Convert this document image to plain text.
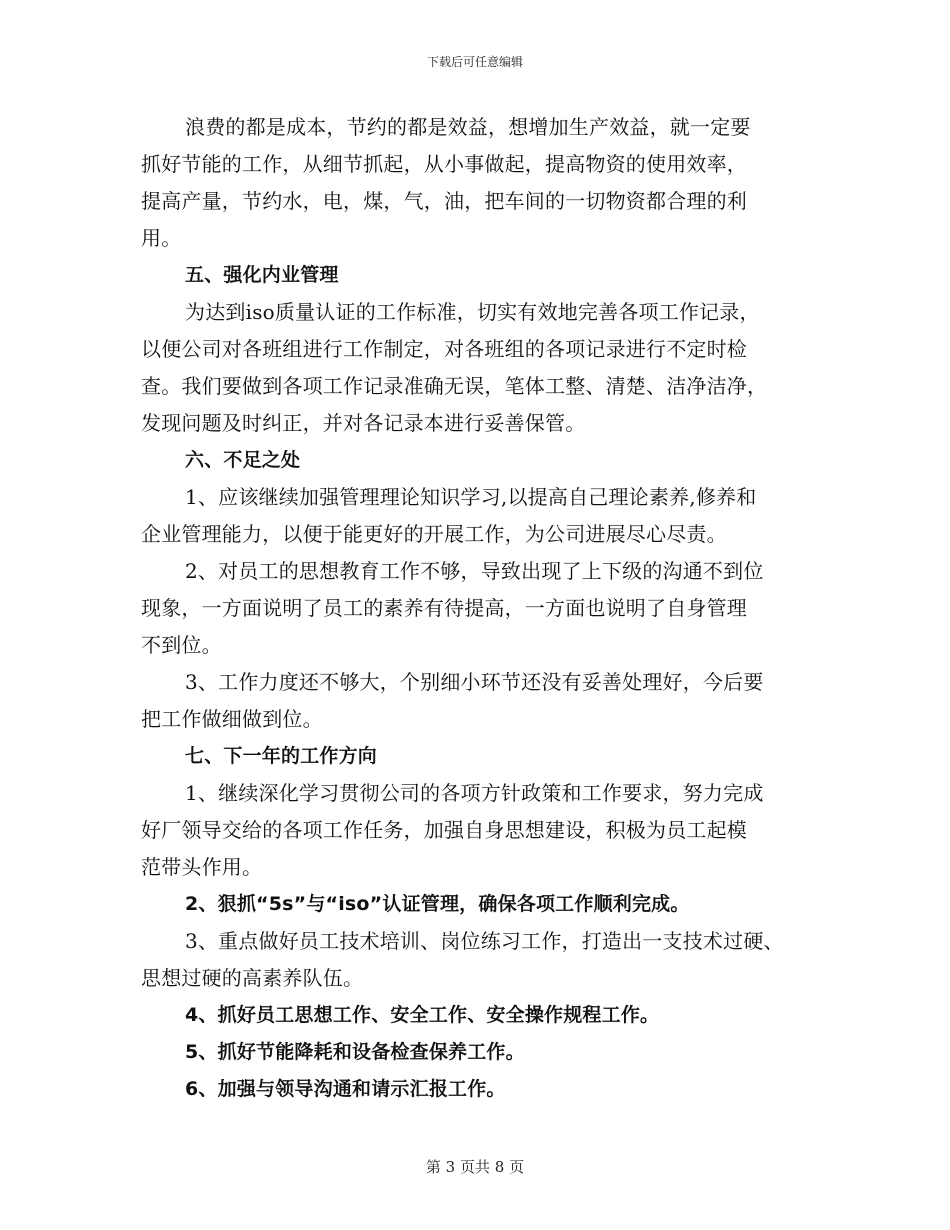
下载后可任意编辑
浪费的都是成本，节约的都是效益，想增加生产效益，就一定要
抓好节能的工作，从细节抓起，从小事做起，提高物资的使用效率，
提高产量，节约水，电，煤，气，油，把车间的一切物资都合理的利
用。
五、强化内业管理
为达到iso质量认证的工作标准，切实有效地完善各项工作记录，
以便公司对各班组进行工作制定，对各班组的各项记录进行不定时检
查。我们要做到各项工作记录准确无误，笔体工整、清楚、洁净洁净，
发现问题及时纠正，并对各记录本进行妥善保管。
六、不足之处
1、应该继续加强管理理论知识学习,以提高自己理论素养,修养和
企业管理能力，以便于能更好的开展工作，为公司进展尽心尽责。
2、对员工的思想教育工作不够，导致出现了上下级的沟通不到位
现象，一方面说明了员工的素养有待提高，一方面也说明了自身管理
不到位。
3、工作力度还不够大，个别细小环节还没有妥善处理好，今后要
把工作做细做到位。
七、下一年的工作方向
1、继续深化学习贯彻公司的各项方针政策和工作要求，努力完成
好厂领导交给的各项工作任务，加强自身思想建设，积极为员工起模
范带头作用。
2、狠抓“5s”与“iso”认证管理，确保各项工作顺利完成。
3、重点做好员工技术培训、岗位练习工作，打造出一支技术过硬、
思想过硬的高素养队伍。
4、抓好员工思想工作、安全工作、安全操作规程工作。
5、抓好节能降耗和设备检查保养工作。
6、加强与领导沟通和请示汇报工作。
第 3 页共 8 页
